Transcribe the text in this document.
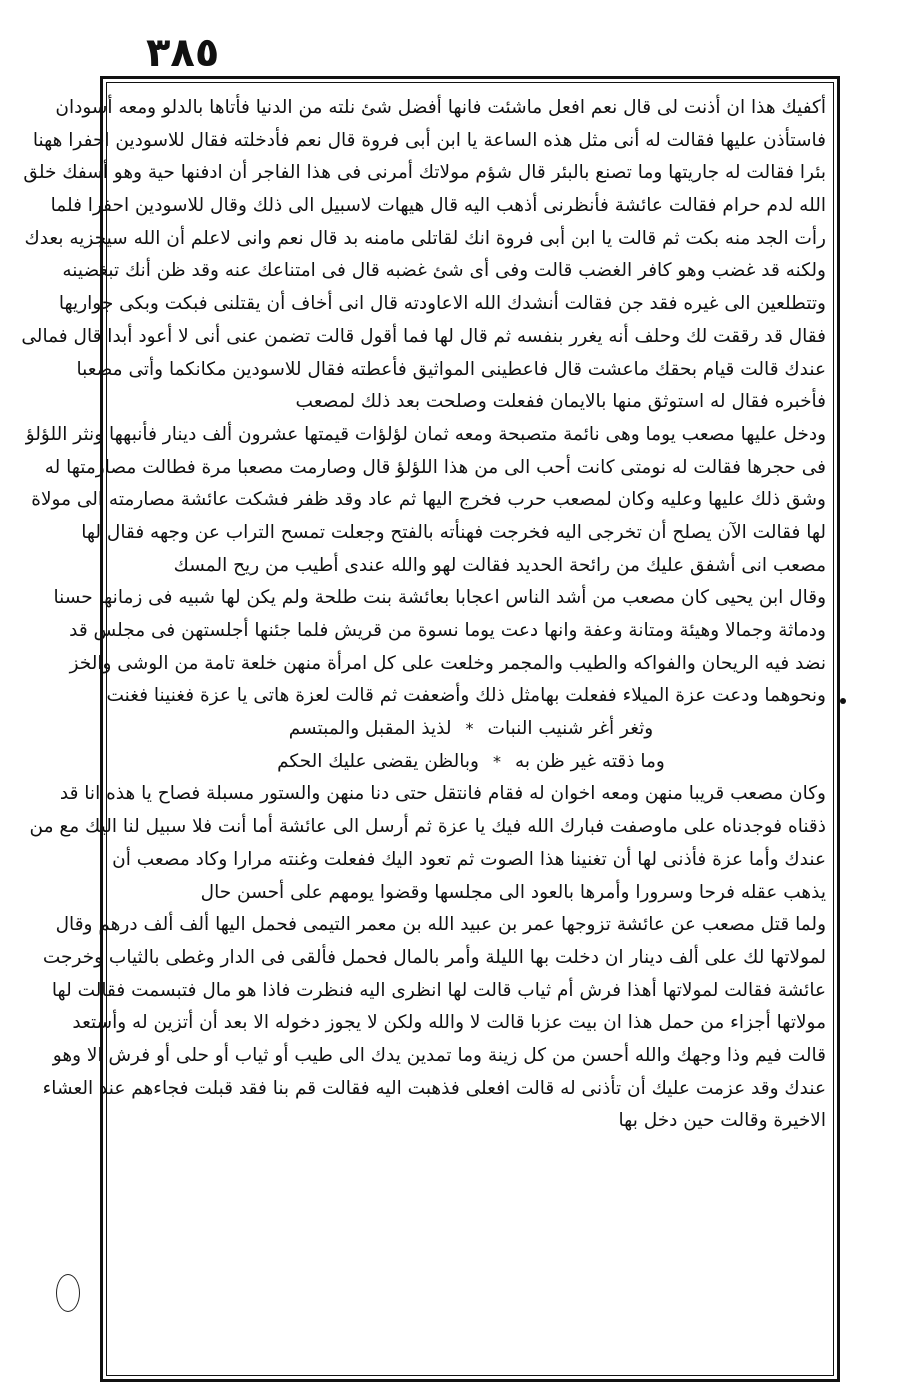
٣٨٥
أكفيك هذا ان أذنت لى قال نعم افعل ماشئت فانها أفضل شئ نلته من الدنيا فأتاها بالدلو ومعه أسودان
فاستأذن عليها فقالت له أنى مثل هذه الساعة يا ابن أبى فروة قال نعم فأدخلته فقال للاسودين احفرا ههنا
بئرا فقالت له جاريتها وما تصنع بالبئر قال شؤم مولاتك أمرنى فى هذا الفاجر أن ادفنها حية وهو أسفك خلق
الله لدم حرام فقالت عائشة فأنظرنى أذهب اليه قال هيهات لاسبيل الى ذلك وقال للاسودين احفرا فلما
رأت الجد منه بكت ثم قالت يا ابن أبى فروة انك لقاتلى مامنه بد قال نعم وانى لاعلم أن الله سيجزيه بعدك
ولكنه قد غضب وهو كافر الغضب قالت وفى أى شئ غضبه قال فى امتناعك عنه وقد ظن أنك تبغضينه
وتتطلعين الى غيره فقد جن فقالت أنشدك الله الاعاودته قال انى أخاف أن يقتلنى فبكت وبكى جواريها
فقال قد رققت لك وحلف أنه يغرر بنفسه ثم قال لها فما أقول قالت تضمن عنى أنى لا أعود أبدا قال فمالى
عندك قالت قيام بحقك ماعشت قال فاعطينى المواثيق فأعطته فقال للاسودين مكانكما وأتى مصعبا
فأخبره فقال له استوثق منها بالايمان ففعلت وصلحت بعد ذلك لمصعب
ودخل عليها مصعب يوما وهى نائمة متصبحة ومعه ثمان لؤلؤات قيمتها عشرون ألف دينار فأنبهها ونثر اللؤلؤ
فى حجرها فقالت له نومتى كانت أحب الى من هذا اللؤلؤ قال وصارمت مصعبا مرة فطالت مصارمتها له
وشق ذلك عليها وعليه وكان لمصعب حرب فخرج اليها ثم عاد وقد ظفر فشكت عائشة مصارمته الى مولاة
لها فقالت الآن يصلح أن تخرجى اليه فخرجت فهنأته بالفتح وجعلت تمسح التراب عن وجهه فقال لها
مصعب انى أشفق عليك من رائحة الحديد فقالت لهو والله عندى أطيب من ريح المسك
وقال ابن يحيى كان مصعب من أشد الناس اعجابا بعائشة بنت طلحة ولم يكن لها شبيه فى زمانها حسنا
ودماثة وجمالا وهيئة ومتانة وعفة وانها دعت يوما نسوة من قريش فلما جئنها أجلستهن فى مجلس قد
نضد فيه الريحان والفواكه والطيب والمجمر وخلعت على كل امرأة منهن خلعة تامة من الوشى والخز
ونحوهما ودعت عزة الميلاء ففعلت بهامثل ذلك وأضعفت ثم قالت لعزة هاتى يا عزة فغنينا فغنت
وثغر أغر شنيب النبات
*
لذيذ المقبل والمبتسم
وما ذقته غير ظن به
*
وبالظن يقضى عليك الحكم
وكان مصعب قريبا منهن ومعه اخوان له فقام فانتقل حتى دنا منهن والستور مسبلة فصاح يا هذه انا قد
ذقناه فوجدناه على ماوصفت فبارك الله فيك يا عزة ثم أرسل الى عائشة أما أنت فلا سبيل لنا اليك مع من
عندك وأما عزة فأذنى لها أن تغنينا هذا الصوت ثم تعود اليك ففعلت وغنته مرارا وكاد مصعب أن
يذهب عقله فرحا وسرورا وأمرها بالعود الى مجلسها وقضوا يومهم على أحسن حال
ولما قتل مصعب عن عائشة تزوجها عمر بن عبيد الله بن معمر التيمى فحمل اليها ألف ألف درهم وقال
لمولاتها لك على ألف دينار ان دخلت بها الليلة وأمر بالمال فحمل فألقى فى الدار وغطى بالثياب وخرجت
عائشة فقالت لمولاتها أهذا فرش أم ثياب قالت لها انظرى اليه فنظرت فاذا هو مال فتبسمت فقالت لها
مولاتها أجزاء من حمل هذا ان بيت عزبا قالت لا والله ولكن لا يجوز دخوله الا بعد أن أتزين له وأستعد
قالت فيم وذا وجهك والله أحسن من كل زينة وما تمدين يدك الى طيب أو ثياب أو حلى أو فرش الا وهو
عندك وقد عزمت عليك أن تأذنى له قالت افعلى فذهبت اليه فقالت قم بنا فقد قبلت فجاءهم عند العشاء
الاخيرة وقالت حين دخل بها
